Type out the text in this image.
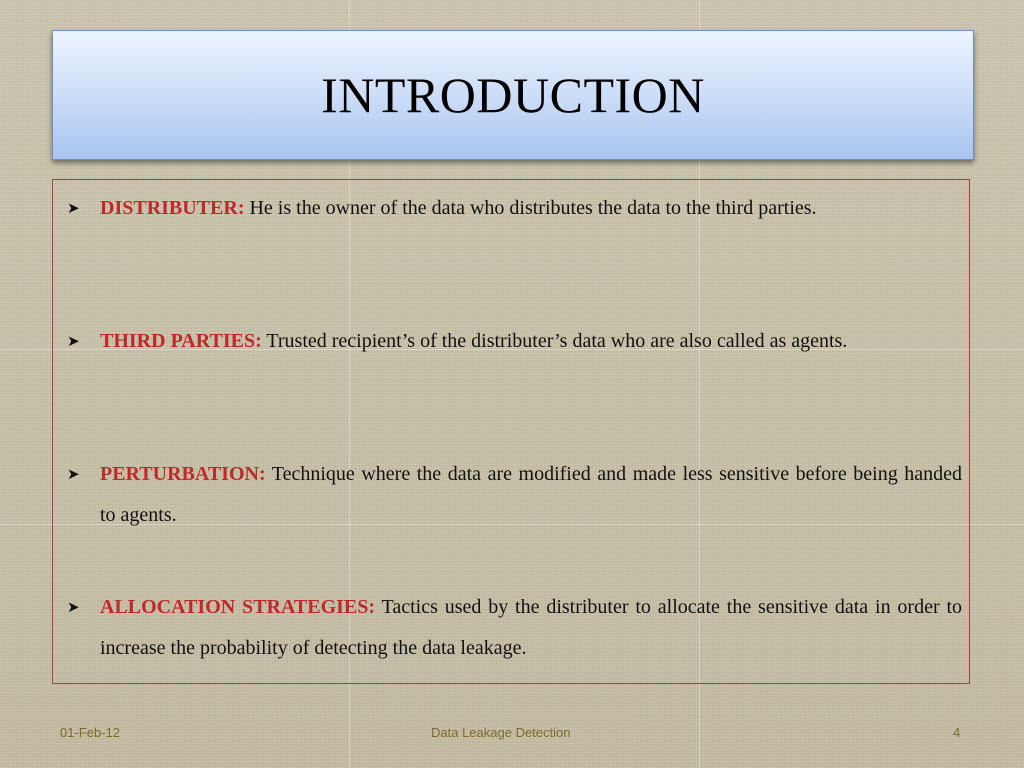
INTRODUCTION
➤	DISTRIBUTER: He is the owner of the data who distributes the data to the third parties.
➤	THIRD PARTIES: Trusted recipient’s of the distributer’s data who are also called as agents.
➤	PERTURBATION: Technique where the data are modified and made less sensitive before being handed to agents.
➤	ALLOCATION STRATEGIES: Tactics used by the distributer to allocate the sensitive data in order to increase the probability of detecting the data leakage.
01-Feb-12	Data Leakage Detection	4
